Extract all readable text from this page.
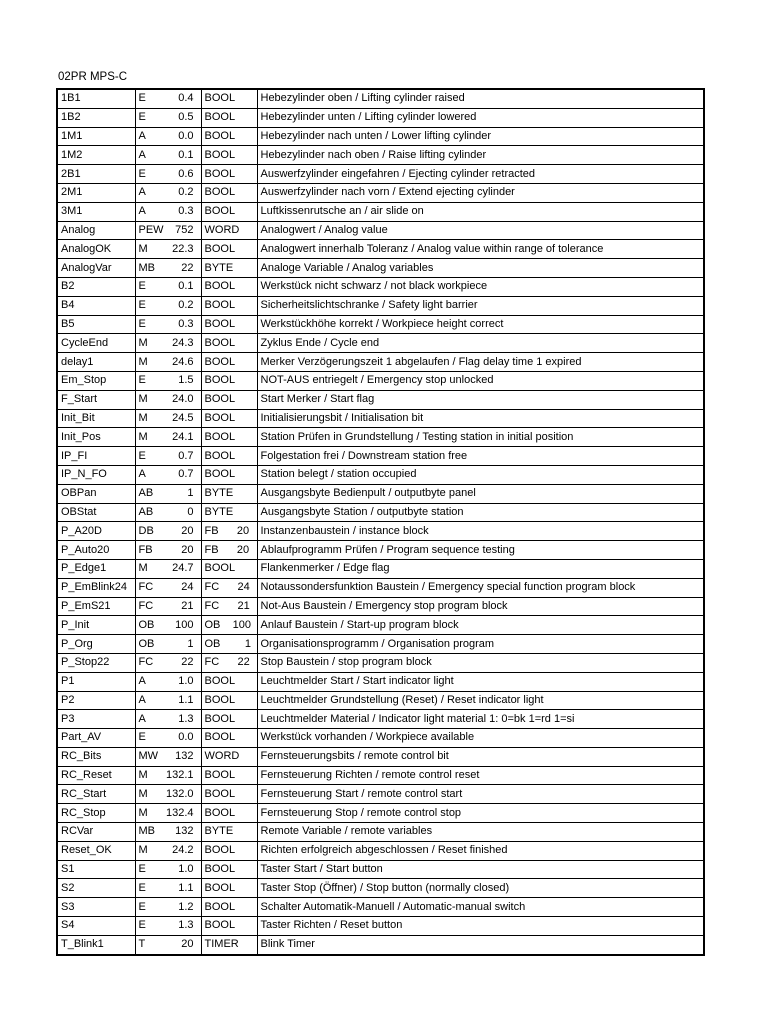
02PR MPS-C
1B1	E 0.4	BOOL	Hebezylinder oben / Lifting cylinder raised
1B2	E 0.5	BOOL	Hebezylinder unten / Lifting cylinder lowered
1M1	A 0.0	BOOL	Hebezylinder nach unten / Lower lifting cylinder
1M2	A 0.1	BOOL	Hebezylinder nach oben / Raise lifting cylinder
2B1	E 0.6	BOOL	Auswerfzylinder eingefahren / Ejecting cylinder retracted
2M1	A 0.2	BOOL	Auswerfzylinder nach vorn / Extend ejecting cylinder
3M1	A 0.3	BOOL	Luftkissenrutsche an / air slide on
Analog	PEW 752	WORD	Analogwert / Analog value
AnalogOK	M 22.3	BOOL	Analogwert innerhalb Toleranz / Analog value within range of tolerance
AnalogVar	MB 22	BYTE	Analoge Variable / Analog variables
B2	E 0.1	BOOL	Werkstück nicht schwarz / not black workpiece
B4	E 0.2	BOOL	Sicherheitslichtschranke / Safety light barrier
B5	E 0.3	BOOL	Werkstückhöhe korrekt / Workpiece height correct
CycleEnd	M 24.3	BOOL	Zyklus Ende / Cycle end
delay1	M 24.6	BOOL	Merker Verzögerungszeit 1 abgelaufen / Flag delay time 1 expired
Em_Stop	E 1.5	BOOL	NOT-AUS entriegelt / Emergency stop unlocked
F_Start	M 24.0	BOOL	Start Merker / Start flag
Init_Bit	M 24.5	BOOL	Initialisierungsbit / Initialisation bit
Init_Pos	M 24.1	BOOL	Station Prüfen in Grundstellung / Testing station in initial position
IP_FI	E 0.7	BOOL	Folgestation frei / Downstream station free
IP_N_FO	A 0.7	BOOL	Station belegt / station occupied
OBPan	AB 1	BYTE	Ausgangsbyte Bedienpult / outputbyte panel
OBStat	AB 0	BYTE	Ausgangsbyte Station / outputbyte station
P_A20D	DB 20	FB      20	Instanzenbaustein / instance block
P_Auto20	FB 20	FB      20	Ablaufprogramm Prüfen / Program sequence testing
P_Edge1	M 24.7	BOOL	Flankenmerker / Edge flag
P_EmBlink24	FC 24	FC      24	Notaussondersfunktion Baustein / Emergency special function program block
P_EmS21	FC 21	FC      21	Not-Aus Baustein / Emergency stop program block
P_Init	OB 100	OB    100	Anlauf Baustein / Start-up program block
P_Org	OB 1	OB        1	Organisationsprogramm / Organisation program
P_Stop22	FC 22	FC      22	Stop Baustein / stop program block
P1	A 1.0	BOOL	Leuchtmelder Start / Start indicator light
P2	A 1.1	BOOL	Leuchtmelder Grundstellung (Reset) / Reset indicator light
P3	A 1.3	BOOL	Leuchtmelder Material / Indicator light material 1: 0=bk 1=rd 1=si
Part_AV	E 0.0	BOOL	Werkstück vorhanden / Workpiece available
RC_Bits	MW 132	WORD	Fernsteuerungsbits / remote control bit
RC_Reset	M 132.1	BOOL	Fernsteuerung Richten / remote control reset
RC_Start	M 132.0	BOOL	Fernsteuerung Start / remote control start
RC_Stop	M 132.4	BOOL	Fernsteuerung Stop / remote control stop
RCVar	MB 132	BYTE	Remote Variable / remote variables
Reset_OK	M 24.2	BOOL	Richten erfolgreich abgeschlossen / Reset finished
S1	E 1.0	BOOL	Taster Start / Start button
S2	E 1.1	BOOL	Taster Stop (Öffner) / Stop button (normally closed)
S3	E 1.2	BOOL	Schalter Automatik-Manuell / Automatic-manual switch
S4	E 1.3	BOOL	Taster Richten / Reset button
T_Blink1	T 20	TIMER	Blink Timer
